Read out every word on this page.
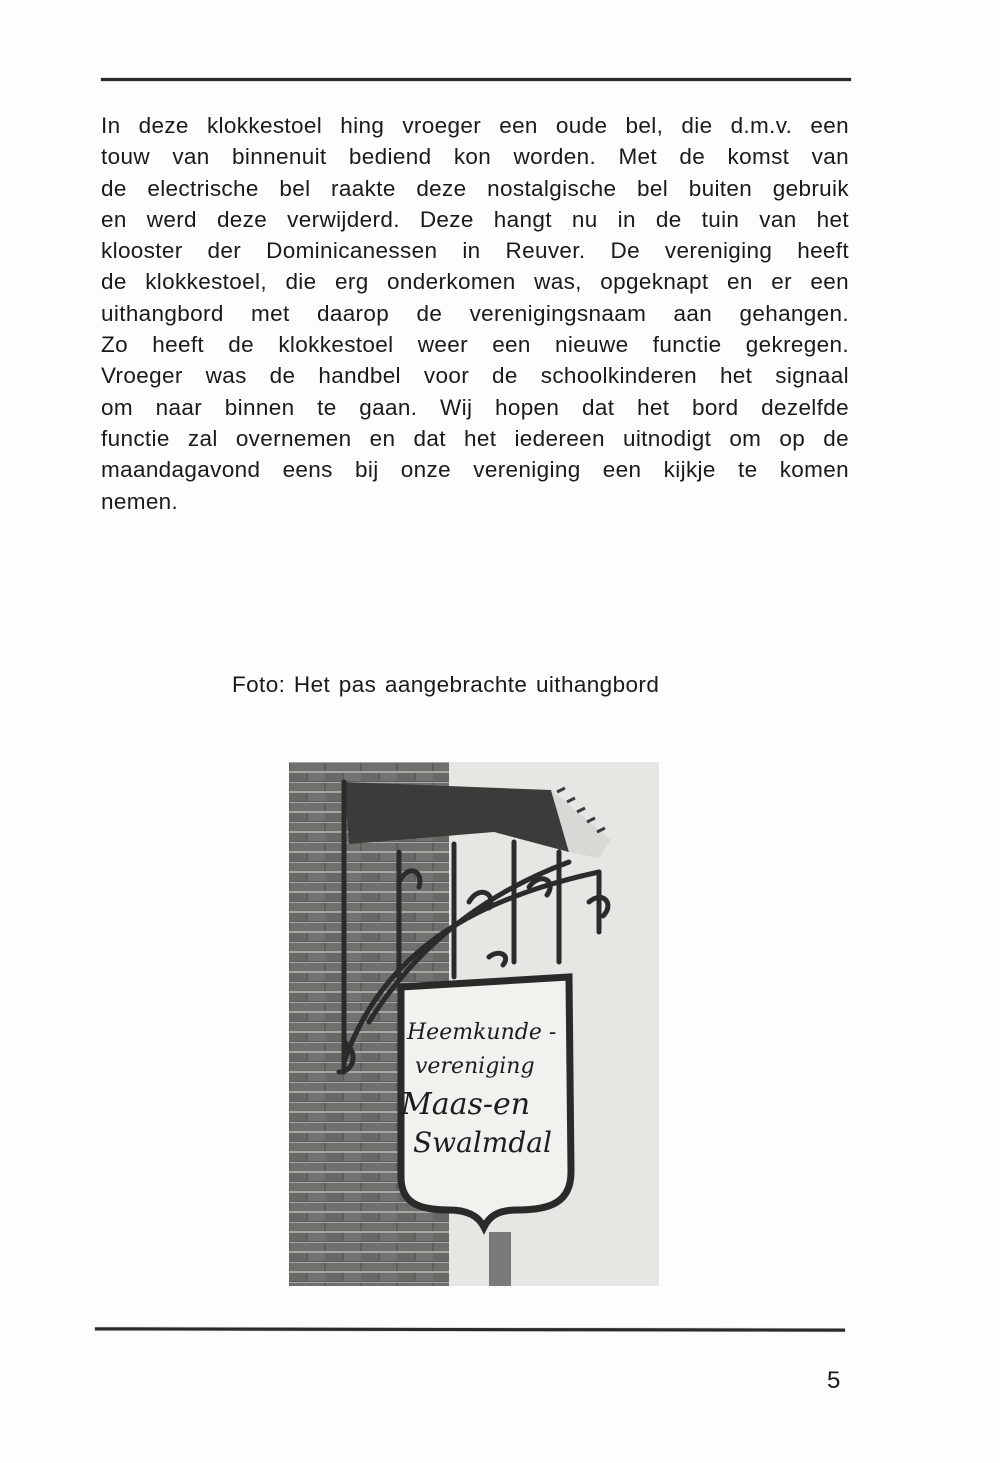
In deze klokkestoel hing vroeger een oude bel, die d.m.v. een
touw van binnenuit bediend kon worden. Met de komst van
de electrische bel raakte deze nostalgische bel buiten gebruik
en werd deze verwijderd. Deze hangt nu in de tuin van het
klooster der Dominicanessen in Reuver. De vereniging heeft
de klokkestoel, die erg onderkomen was, opgeknapt en er een
uithangbord met daarop de verenigingsnaam aan gehangen.
Zo heeft de klokkestoel weer een nieuwe functie gekregen.
Vroeger was de handbel voor de schoolkinderen het signaal
om naar binnen te gaan. Wij hopen dat het bord dezelfde
functie zal overnemen en dat het iedereen uitnodigt om op de
maandagavond eens bij onze vereniging een kijkje te komen
nemen.
Foto: Het pas aangebrachte uithangbord
Heemkunde -
vereniging
Maas-en
Swalmdal
5
